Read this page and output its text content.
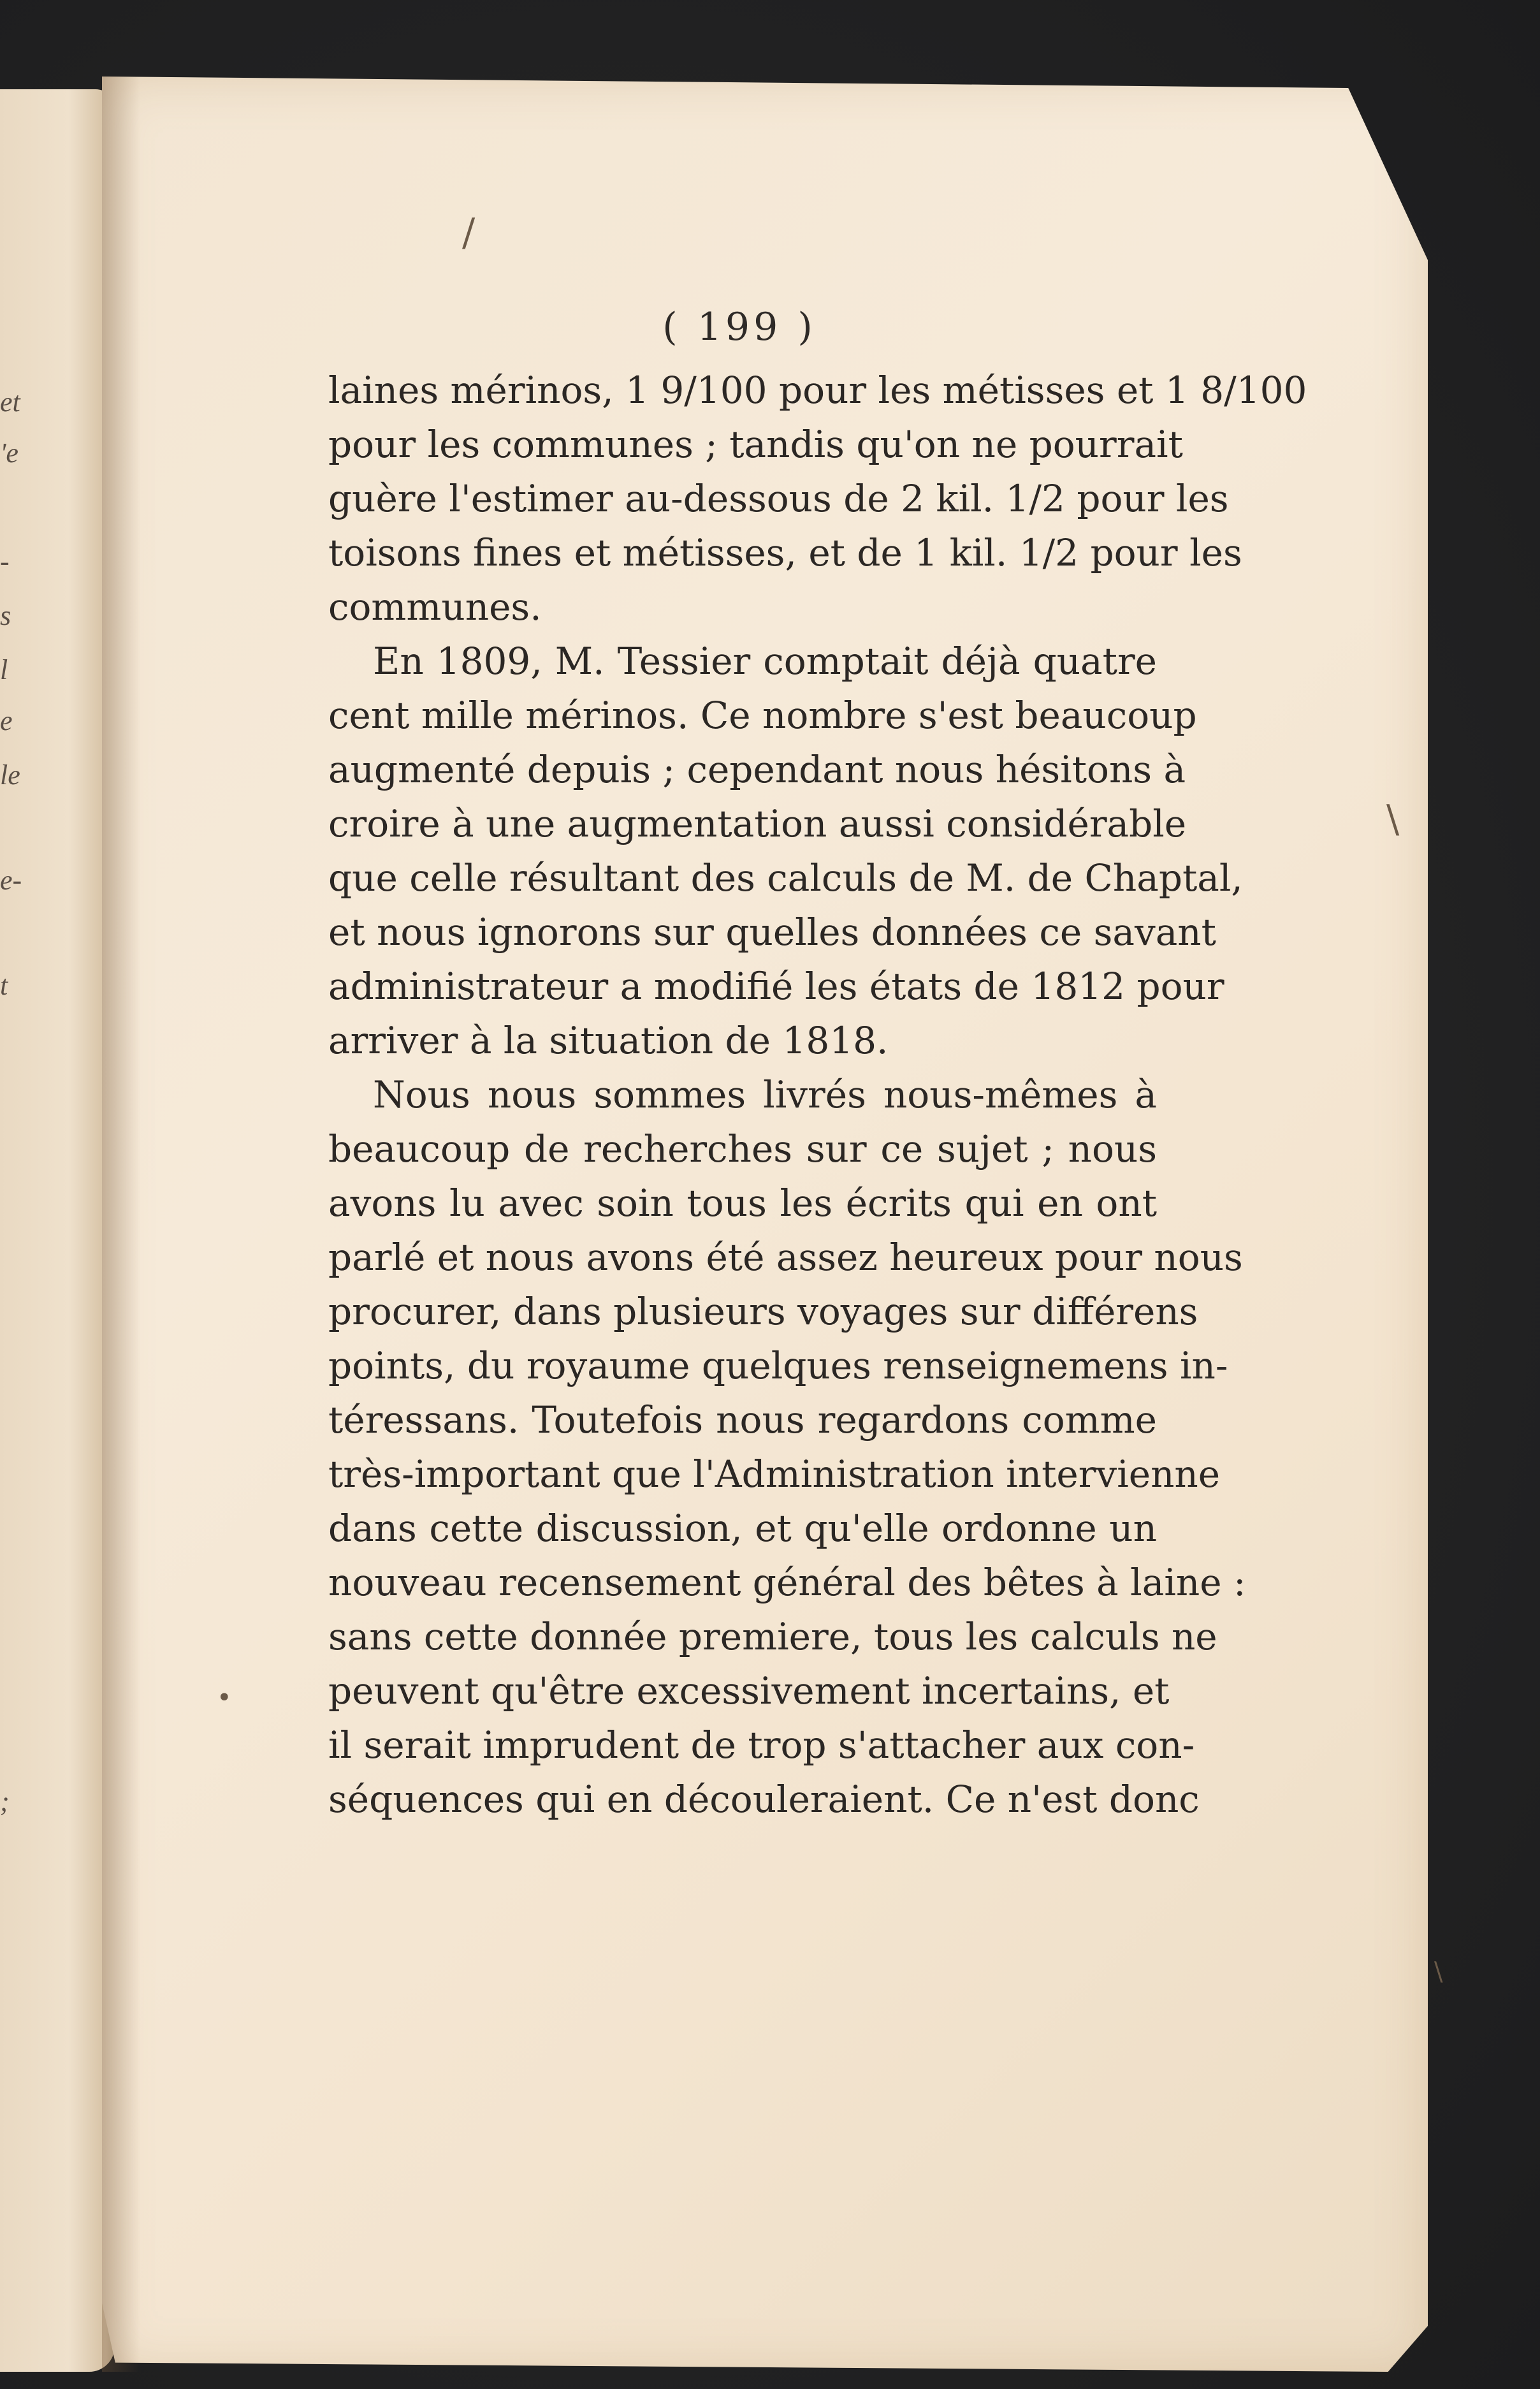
et
'e
-
s
l
e
le
e-
t
;
/
\
\
•
( 199 )
laines mérinos, 1 9/100 pour les métisses et 1 8/100
pour les communes ; tandis qu'on ne pourrait
guère l'estimer au-dessous de 2 kil. 1/2 pour les
toisons fines et métisses, et de 1 kil. 1/2 pour les
communes.
En 1809, M. Tessier comptait déjà quatre
cent mille mérinos. Ce nombre s'est beaucoup
augmenté depuis ; cependant nous hésitons à
croire à une augmentation aussi considérable
que celle résultant des calculs de M. de Chaptal,
et nous ignorons sur quelles données ce savant
administrateur a modifié les états de 1812 pour
arriver à la situation de 1818.
Nous nous sommes livrés nous-mêmes à
beaucoup de recherches sur ce sujet ; nous
avons lu avec soin tous les écrits qui en ont
parlé et nous avons été assez heureux pour nous
procurer, dans plusieurs voyages sur différens
points, du royaume quelques renseignemens in-
téressans. Toutefois nous regardons comme
très-important que l'Administration intervienne
dans cette discussion, et qu'elle ordonne un
nouveau recensement général des bêtes à laine :
sans cette donnée premiere, tous les calculs ne
peuvent qu'être excessivement incertains, et
il serait imprudent de trop s'attacher aux con-
séquences qui en découleraient. Ce n'est donc
